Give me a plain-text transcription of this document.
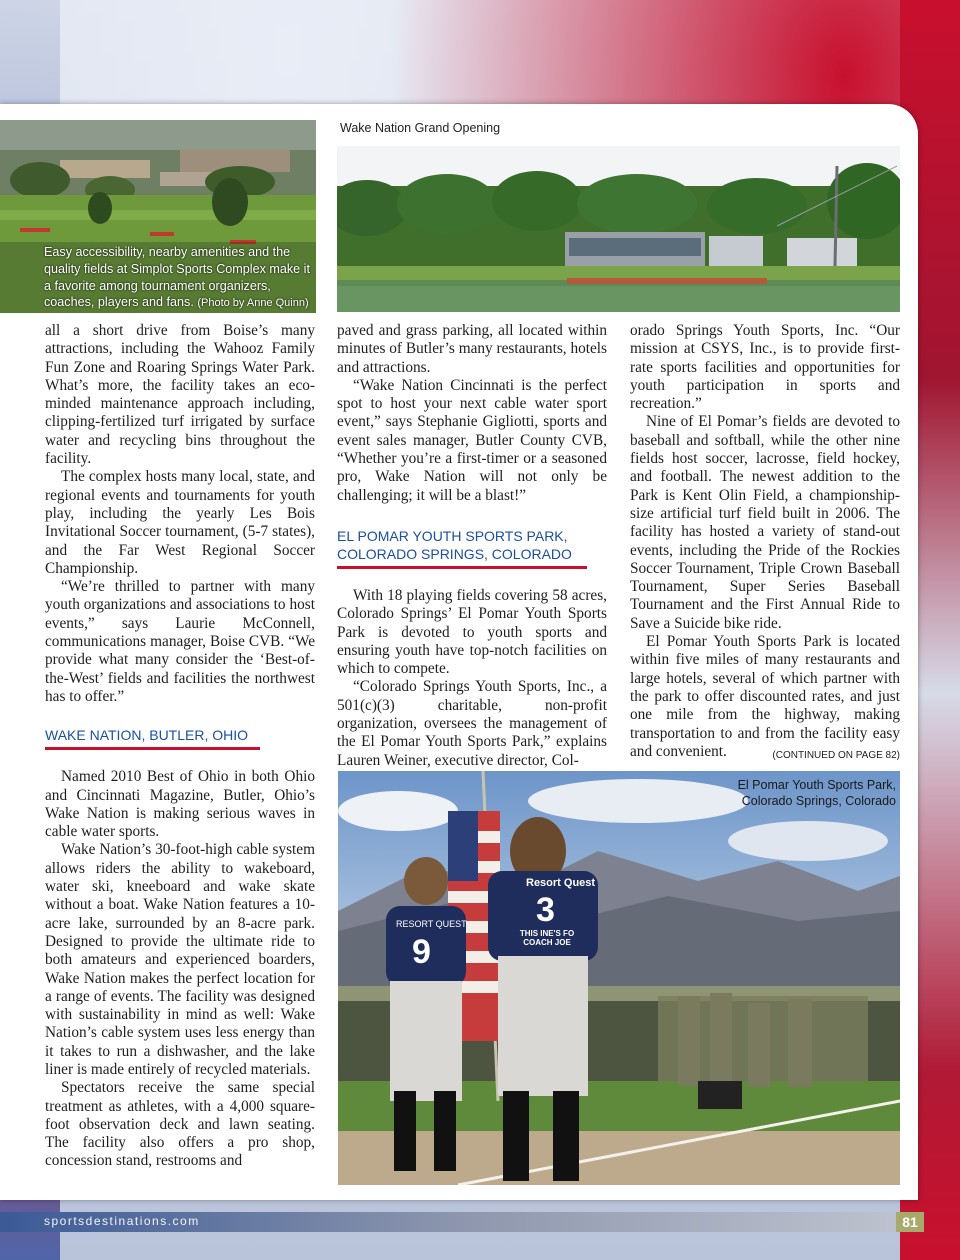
Easy accessibility, nearby amenities and the quality fields at Simplot Sports Complex make it a favorite among tournament organizers, coaches, players and fans. (Photo by Anne Quinn)
Wake Nation Grand Opening

all a short drive from Boise’s many attractions, including the Wahooz Family Fun Zone and Roaring Springs Water Park. What’s more, the facility takes an eco-minded maintenance approach including, clipping-fertilized turf irrigated by surface water and recycling bins throughout the facility.

The complex hosts many local, state, and regional events and tournaments for youth play, including the yearly Les Bois Invitational Soccer tournament, (5-7 states), and the Far West Regional Soccer Championship.

“We’re thrilled to partner with many youth organizations and associations to host events,” says Laurie McConnell, communications manager, Boise CVB. “We provide what many consider the ‘Best-of-the-West’ fields and facilities the northwest has to offer.”

WAKE NATION, BUTLER, OHIO

Named 2010 Best of Ohio in both Ohio and Cincinnati Magazine, Butler, Ohio’s Wake Nation is making serious waves in cable water sports.

Wake Nation’s 30-foot-high cable system allows riders the ability to wakeboard, water ski, kneeboard and wake skate without a boat. Wake Nation features a 10-acre lake, surrounded by an 8-acre park. Designed to provide the ultimate ride to both amateurs and experienced boarders, Wake Nation makes the perfect location for a range of events. The facility was designed with sustainability in mind as well: Wake Nation’s cable system uses less energy than it takes to run a dishwasher, and the lake liner is made entirely of recycled materials.

Spectators receive the same special treatment as athletes, with a 4,000 square-foot observation deck and lawn seating. The facility also offers a pro shop, concession stand, restrooms and

paved and grass parking, all located within minutes of Butler’s many restaurants, hotels and attractions.

“Wake Nation Cincinnati is the perfect spot to host your next cable water sport event,” says Stephanie Gigliotti, sports and event sales manager, Butler County CVB, “Whether you’re a first-timer or a seasoned pro, Wake Nation will not only be challenging; it will be a blast!”

EL POMAR YOUTH SPORTS PARK,
COLORADO SPRINGS, COLORADO

With 18 playing fields covering 58 acres, Colorado Springs’ El Pomar Youth Sports Park is devoted to youth sports and ensuring youth have top-notch facilities on which to compete.

“Colorado Springs Youth Sports, Inc., a 501(c)(3) charitable, non-profit organization, oversees the management of the El Pomar Youth Sports Park,” explains Lauren Weiner, executive director, Col-

orado Springs Youth Sports, Inc. “Our mission at CSYS, Inc., is to provide first-rate sports facilities and opportunities for youth participation in sports and recreation.”

Nine of El Pomar’s fields are devoted to baseball and softball, while the other nine fields host soccer, lacrosse, field hockey, and football. The newest addition to the Park is Kent Olin Field, a championship-size artificial turf field built in 2006. The facility has hosted a variety of stand-out events, including the Pride of the Rockies Soccer Tournament, Triple Crown Baseball Tournament, Super Series Baseball Tournament and the First Annual Ride to Save a Suicide bike ride.

El Pomar Youth Sports Park is located within five miles of many restaurants and large hotels, several of which partner with the park to offer discounted rates, and just one mile from the highway, making transportation to and from the facility easy and convenient.	(CONTINUED ON PAGE 82)

RESORT QUEST
9
Resort Quest
3
THIS INE'S FO COACH JOE
El Pomar Youth Sports Park,
Colorado Springs, Colorado
sportsdestinations.com	81
